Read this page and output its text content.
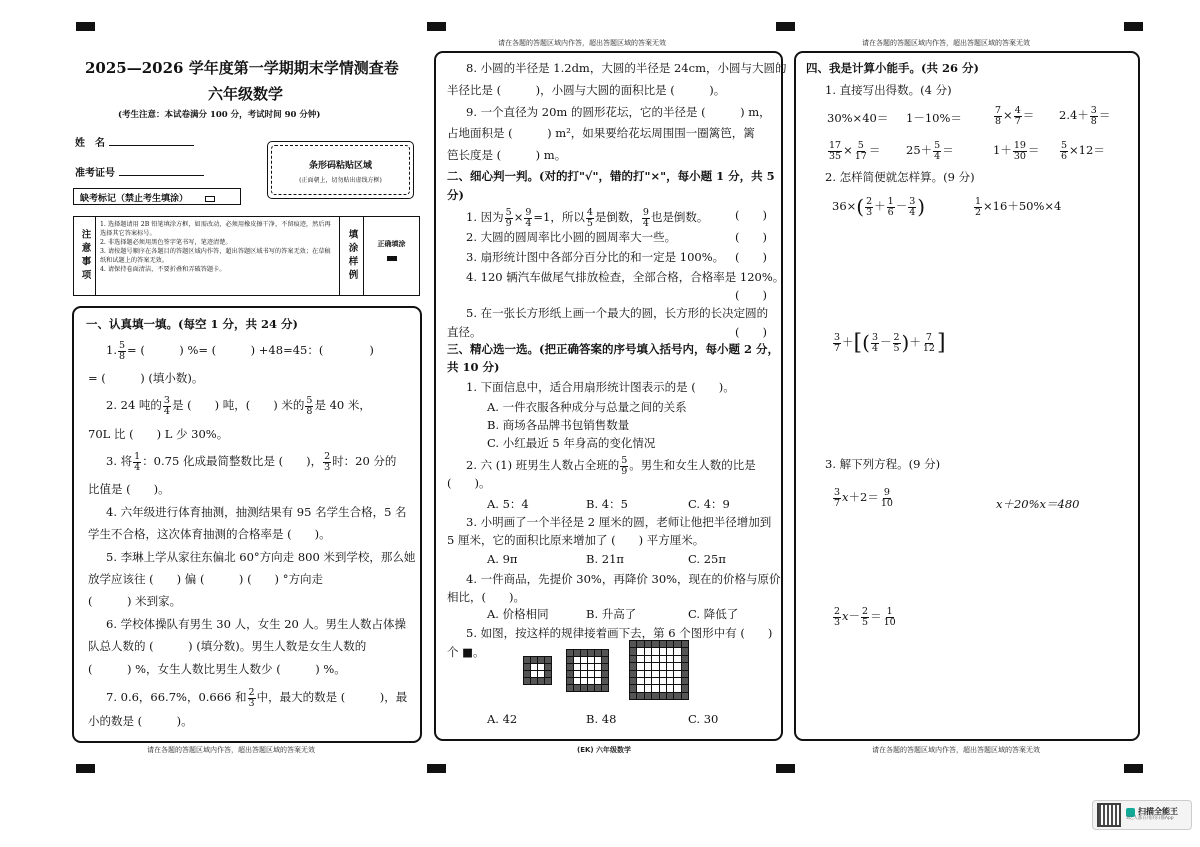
请在各题的答题区域内作答，超出答题区域的答案无效	请在各题的答题区域内作答，超出答题区域的答案无效
2025—2026 学年度第一学期期末学情测查卷
六年级数学
(考生注意：本试卷满分 100 分，考试时间 90 分钟)
姓　名
准考证号
缺考标记（禁止考生填涂）
条形码粘贴区域
(正面朝上，切勿贴出虚线方框)
注意事项
1. 选择题请用 2B 铅笔填涂方框，如需改动，必须用橡皮擦干净，不留痕迹，然后再选择其它答案标号。
2. 非选择题必须用黑色签字笔书写，笔迹清楚。
3. 请按题号顺序在各题目的答题区域内作答，超出答题区域书写的答案无效；在草稿纸和试题上的答案无效。
4. 请保持卷面清洁，不要折叠和弄破答题卡。	填涂样例	正确填涂
一、认真填一填。(每空 1 分，共 24 分)
1. $\frac{5}{8}$ = (　　　) %= (　　　) +48=45：(　　　　)
= (　　　) (填小数)。
2. 24 吨的 $\frac{3}{4}$ 是 (　　) 吨，(　　) 米的 $\frac{5}{8}$ 是 40 米，
70L 比 (　　) L 少 30%。
3. 将 $\frac{1}{4}$ ：0.75 化成最简整数比是 (　　)， $\frac{2}{3}$ 时：20 分的
比值是 (　　)。
4. 六年级进行体育抽测，抽测结果有 95 名学生合格，5 名
学生不合格，这次体育抽测的合格率是 (　　)。
5. 李琳上学从家往东偏北 60°方向走 800 米到学校，那么她
放学应该往 (　　) 偏 (　　　) (　　) °方向走
(　　　) 米到家。
6. 学校体操队有男生 30 人，女生 20 人。男生人数占体操
队总人数的 (　　　) (填分数)。男生人数是女生人数的
(　　　) %，女生人数比男生人数少 (　　　) %。
7. 0.6，66.7%，0.666 和 $\frac{2}{3}$ 中，最大的数是 (　　　)，最
小的数是 (　　　)。
8. 小圆的半径是 1.2dm，大圆的半径是 24cm，小圆与大圆的
半径比是 (　　　)，小圆与大圆的面积比是 (　　　)。
9. 一个直径为 20m 的圆形花坛，它的半径是 (　　　) m，
占地面积是 (　　　) m²，如果要给花坛周围围一圈篱笆，篱
笆长度是 (　　　) m。
二、细心判一判。(对的打"√"，错的打"×"，每小题 1 分，共 5
分)
1. 因为 $\frac{5}{9} \times \frac{9}{4} =1$，所以 $\frac{4}{5}$ 是倒数， $\frac{9}{4}$ 也是倒数。 (　　)
2. 大圆的圆周率比小圆的圆周率大一些。	(　　)
3. 扇形统计图中各部分百分比的和一定是 100%。 (　　)
4. 120 辆汽车做尾气排放检查，全部合格，合格率是 120%。
(　　)
5. 在一张长方形纸上画一个最大的圆，长方形的长决定圆的
直径。	(　　)
三、精心选一选。(把正确答案的序号填入括号内，每小题 2 分，
共 10 分)
1. 下面信息中，适合用扇形统计图表示的是 (　　)。
A. 一件衣服各种成分与总量之间的关系
B. 商场各品牌书包销售数量
C. 小红最近 5 年身高的变化情况
2. 六 (1) 班男生人数占全班的 $\frac{5}{9}$ 。男生和女生人数的比是
(　　)。
A. 5：4	B. 4：5	C. 4：9
3. 小明画了一个半径是 2 厘米的圆，老师让他把半径增加到
5 厘米，它的面积比原来增加了 (　　) 平方厘米。
A. 9π	B. 21π	C. 25π
4. 一件商品，先提价 30%，再降价 30%，现在的价格与原价
相比，(　　)。
A. 价格相同	B. 升高了	C. 降低了
5. 如图，按这样的规律接着画下去，第 6 个图形中有 (　　)
个 ■。
A. 42	B. 48	C. 30
四、我是计算小能手。(共 26 分)
1. 直接写出得数。(4 分)
30%×40＝ 1－10%＝	$\frac{7}{8} \times \frac{4}{7} = 2.4+ \frac{3}{8}$ ＝
$\frac{17}{35} \times \frac{5}{17} = 25+ \frac{5}{4}$ ＝	$1+ \frac{19}{30} = \frac{5}{6} \times 12=$
2. 怎样简便就怎样算。(9 分)
$36\times( \frac{2}{3} + \frac{1}{6} - \frac{3}{4}$ )	$\frac{1}{2} \times 16+50\%\times 4$
$\frac{3}{7}$ ＋[( $\frac{3}{4} - \frac{2}{5}$ )＋ $\frac{7}{12}$ ]
3. 解下列方程。(9 分)
$\frac{3}{7} x+2= \frac{9}{10}$	x＋20%x＝480
$\frac{2}{3} x- \frac{2}{5} = \frac{1}{10}$
请在各题的答题区域内作答，超出答题区域的答案无效	(EK) 六年级数学	请在各题的答题区域内作答，超出答题区域的答案无效
扫描全能王
3亿人都在用的扫描App
